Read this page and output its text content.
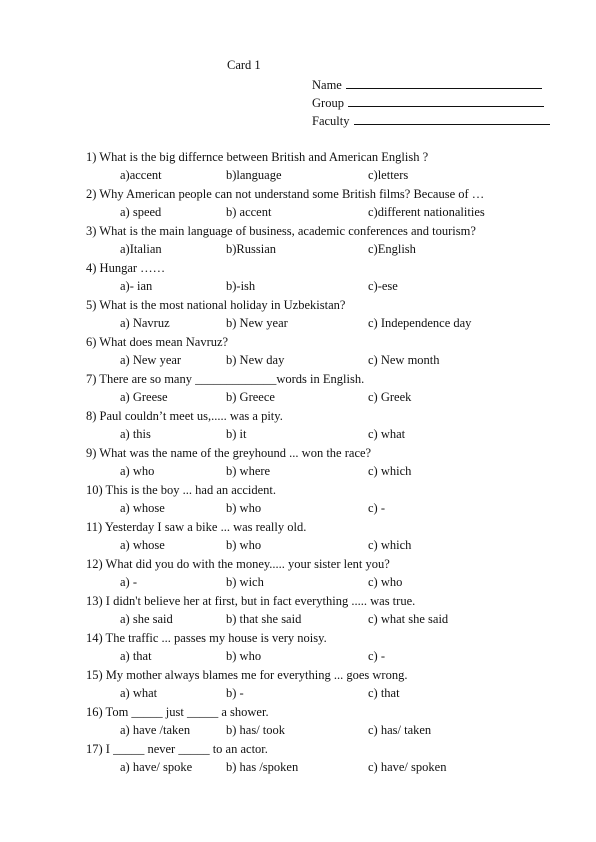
Card 1
Name
Group
Faculty
1) What is the big differnce between British and American English ?
a)accent	b)language	c)letters
2) Why American people can not understand some British films? Because of …
a) speed	b) accent	c)different nationalities
3) What is the main language of business, academic conferences and tourism?
a)Italian	b)Russian	c)English
4) Hungar ……
a)- ian	b)-ish	c)-ese
5) What is the most national holiday in Uzbekistan?
a) Navruz	b) New year	c) Independence day
6) What does mean Navruz?
a) New year	b) New day	c) New month
7) There are so many _____________words in English.
a) Greese	b) Greece	c) Greek
8) Paul couldn’t meet us,..... was a pity.
a) this	b) it	c) what
9) What was the name of the greyhound ... won the race?
a) who	b) where	c) which
10) This is the boy ... had an accident.
a) whose	b) who	c) -
11) Yesterday I saw a bike ... was really old.
a) whose	b) who	c) which
12) What did you do with the money..... your sister lent you?
a) -	b) wich	c) who
13) I didn't believe her at first, but in fact everything ..... was true.
a) she said	b) that she said	c) what she said
14) The traffic ... passes my house is very noisy.
a) that	b) who	c) -
15) My mother always blames me for everything ... goes wrong.
a) what	b) -	c) that
16) Tom _____ just _____ a shower.
a) have /taken	b) has/ took	c) has/ taken
17) I _____ never _____ to an actor.
a) have/ spoke	b) has /spoken	c) have/ spoken
